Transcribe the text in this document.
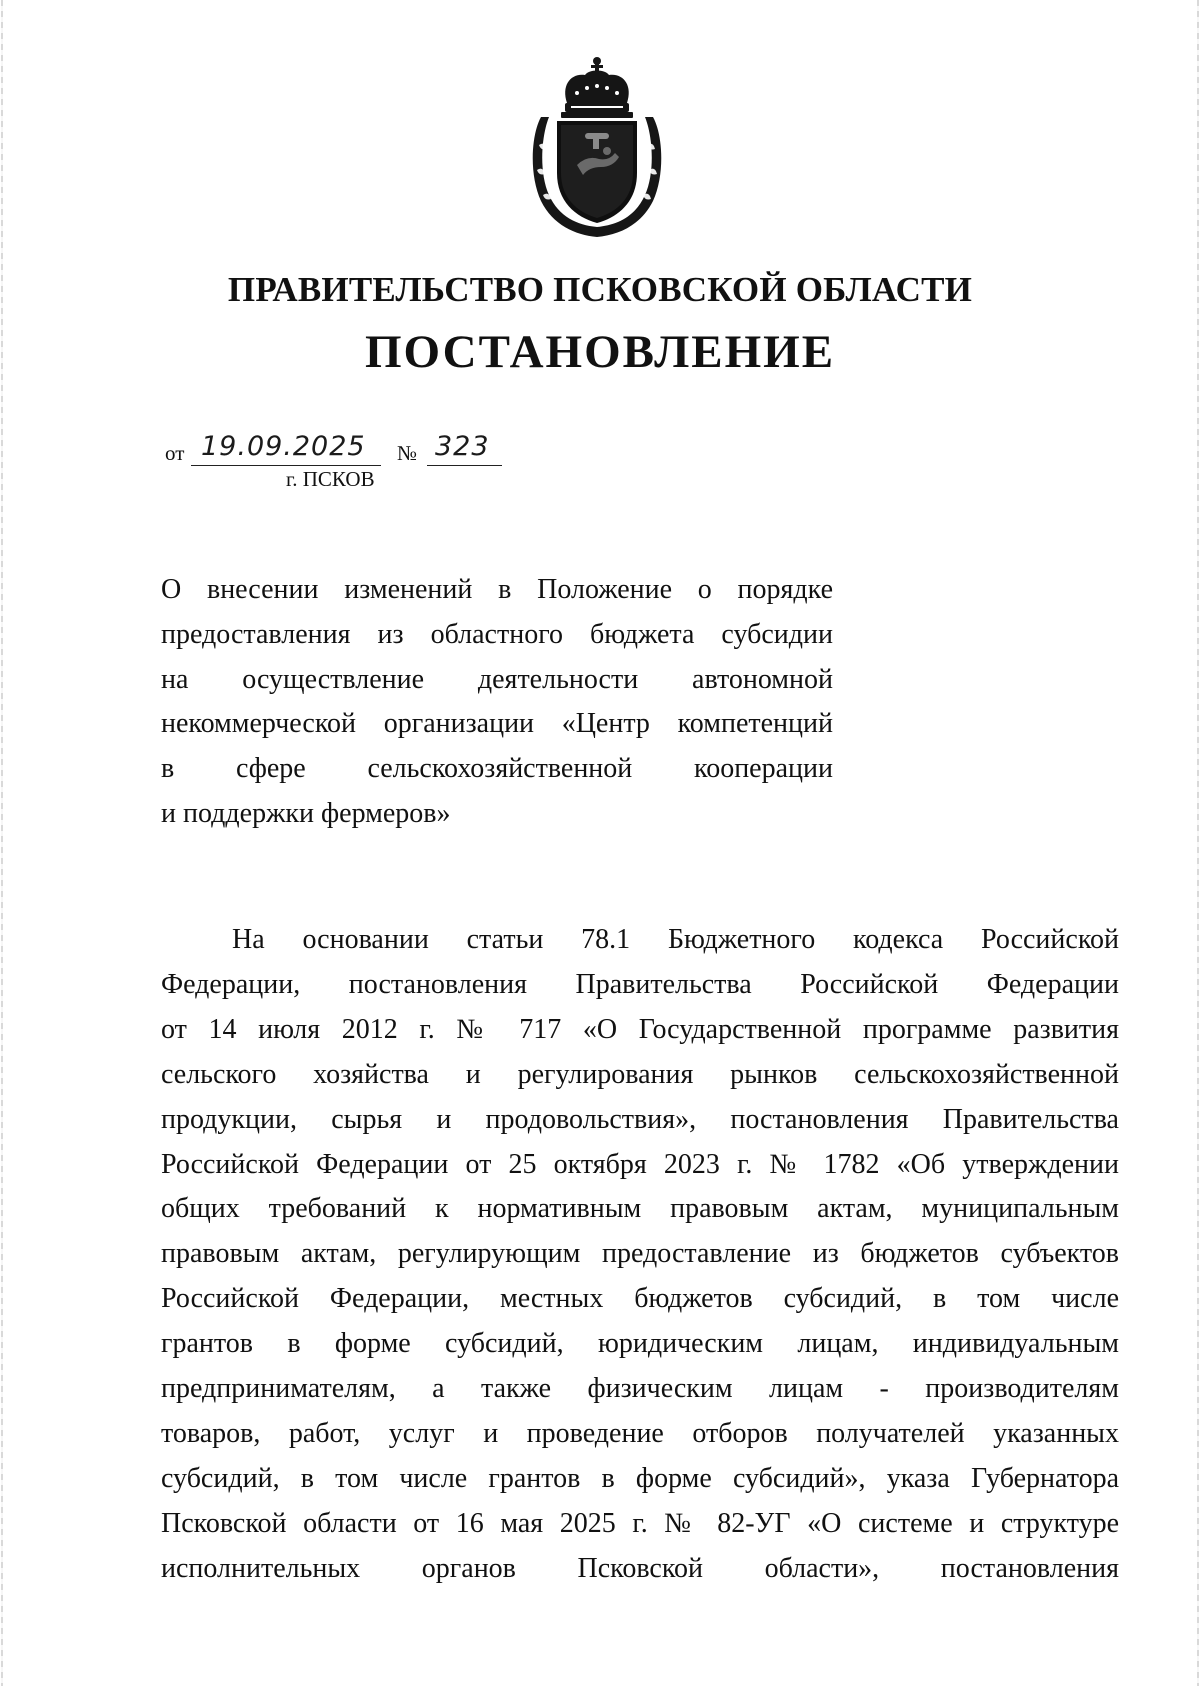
ПРАВИТЕЛЬСТВО ПСКОВСКОЙ ОБЛАСТИ
ПОСТАНОВЛЕНИЕ
от 19.09.2025 № 323
г. ПСКОВ
О внесении изменений в Положение о порядке
предоставления из областного бюджета субсидии
на осуществление деятельности автономной
некоммерческой организации «Центр компетенций
в сфере сельскохозяйственной кооперации
и поддержки фермеров»
На основании статьи 78.1 Бюджетного кодекса Российской
Федерации, постановления Правительства Российской Федерации
от 14 июля 2012 г. № 717 «О Государственной программе развития
сельского хозяйства и регулирования рынков сельскохозяйственной
продукции, сырья и продовольствия», постановления Правительства
Российской Федерации от 25 октября 2023 г. № 1782 «Об утверждении
общих требований к нормативным правовым актам, муниципальным
правовым актам, регулирующим предоставление из бюджетов субъектов
Российской Федерации, местных бюджетов субсидий, в том числе
грантов в форме субсидий, юридическим лицам, индивидуальным
предпринимателям, а также физическим лицам - производителям
товаров, работ, услуг и проведение отборов получателей указанных
субсидий, в том числе грантов в форме субсидий», указа Губернатора
Псковской области от 16 мая 2025 г. № 82-УГ «О системе и структуре
исполнительных органов Псковской области», постановления
